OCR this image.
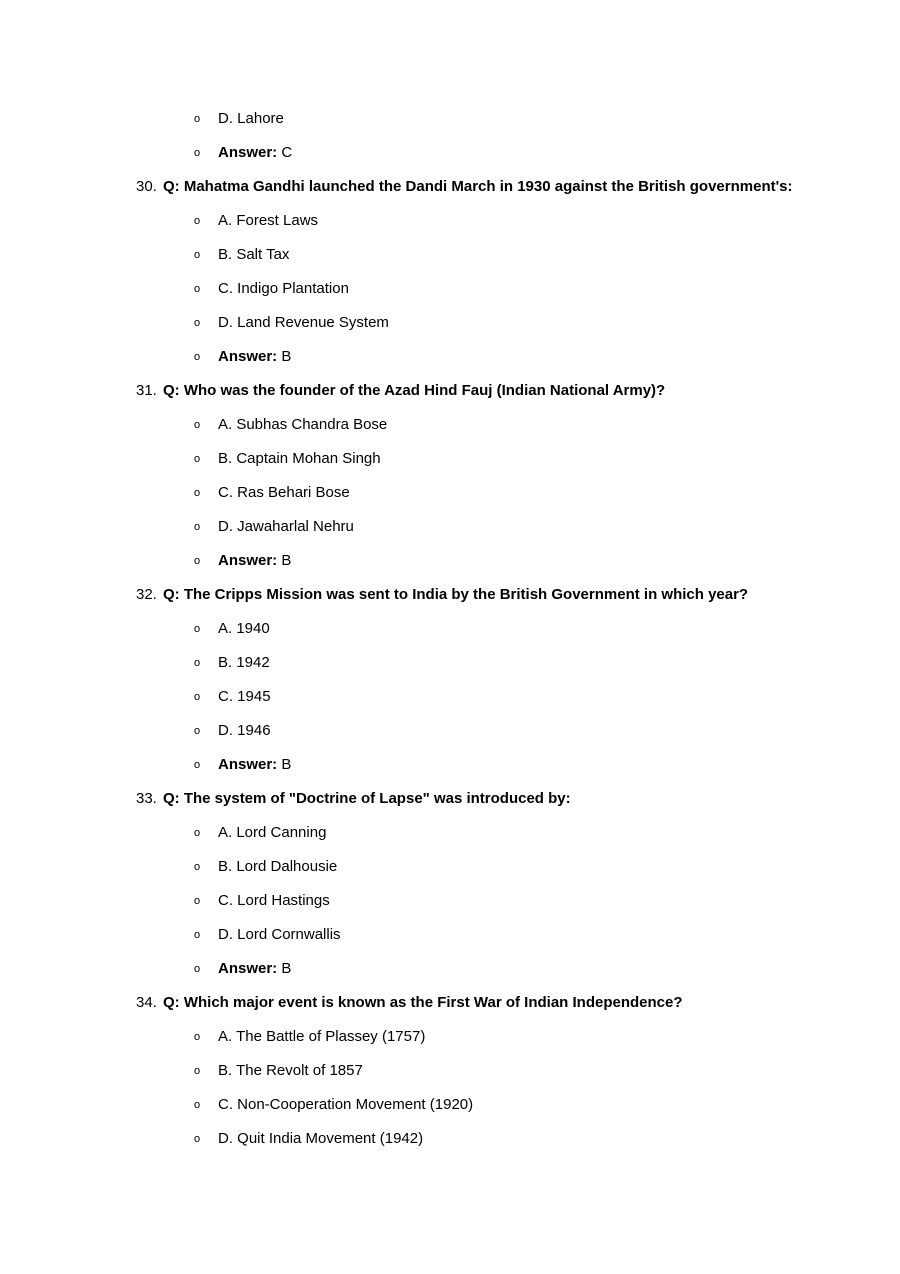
o D. Lahore
o Answer: C
30. Q: Mahatma Gandhi launched the Dandi March in 1930 against the British government's:
o A. Forest Laws
o B. Salt Tax
o C. Indigo Plantation
o D. Land Revenue System
o Answer: B
31. Q: Who was the founder of the Azad Hind Fauj (Indian National Army)?
o A. Subhas Chandra Bose
o B. Captain Mohan Singh
o C. Ras Behari Bose
o D. Jawaharlal Nehru
o Answer: B
32. Q: The Cripps Mission was sent to India by the British Government in which year?
o A. 1940
o B. 1942
o C. 1945
o D. 1946
o Answer: B
33. Q: The system of "Doctrine of Lapse" was introduced by:
o A. Lord Canning
o B. Lord Dalhousie
o C. Lord Hastings
o D. Lord Cornwallis
o Answer: B
34. Q: Which major event is known as the First War of Indian Independence?
o A. The Battle of Plassey (1757)
o B. The Revolt of 1857
o C. Non-Cooperation Movement (1920)
o D. Quit India Movement (1942)
